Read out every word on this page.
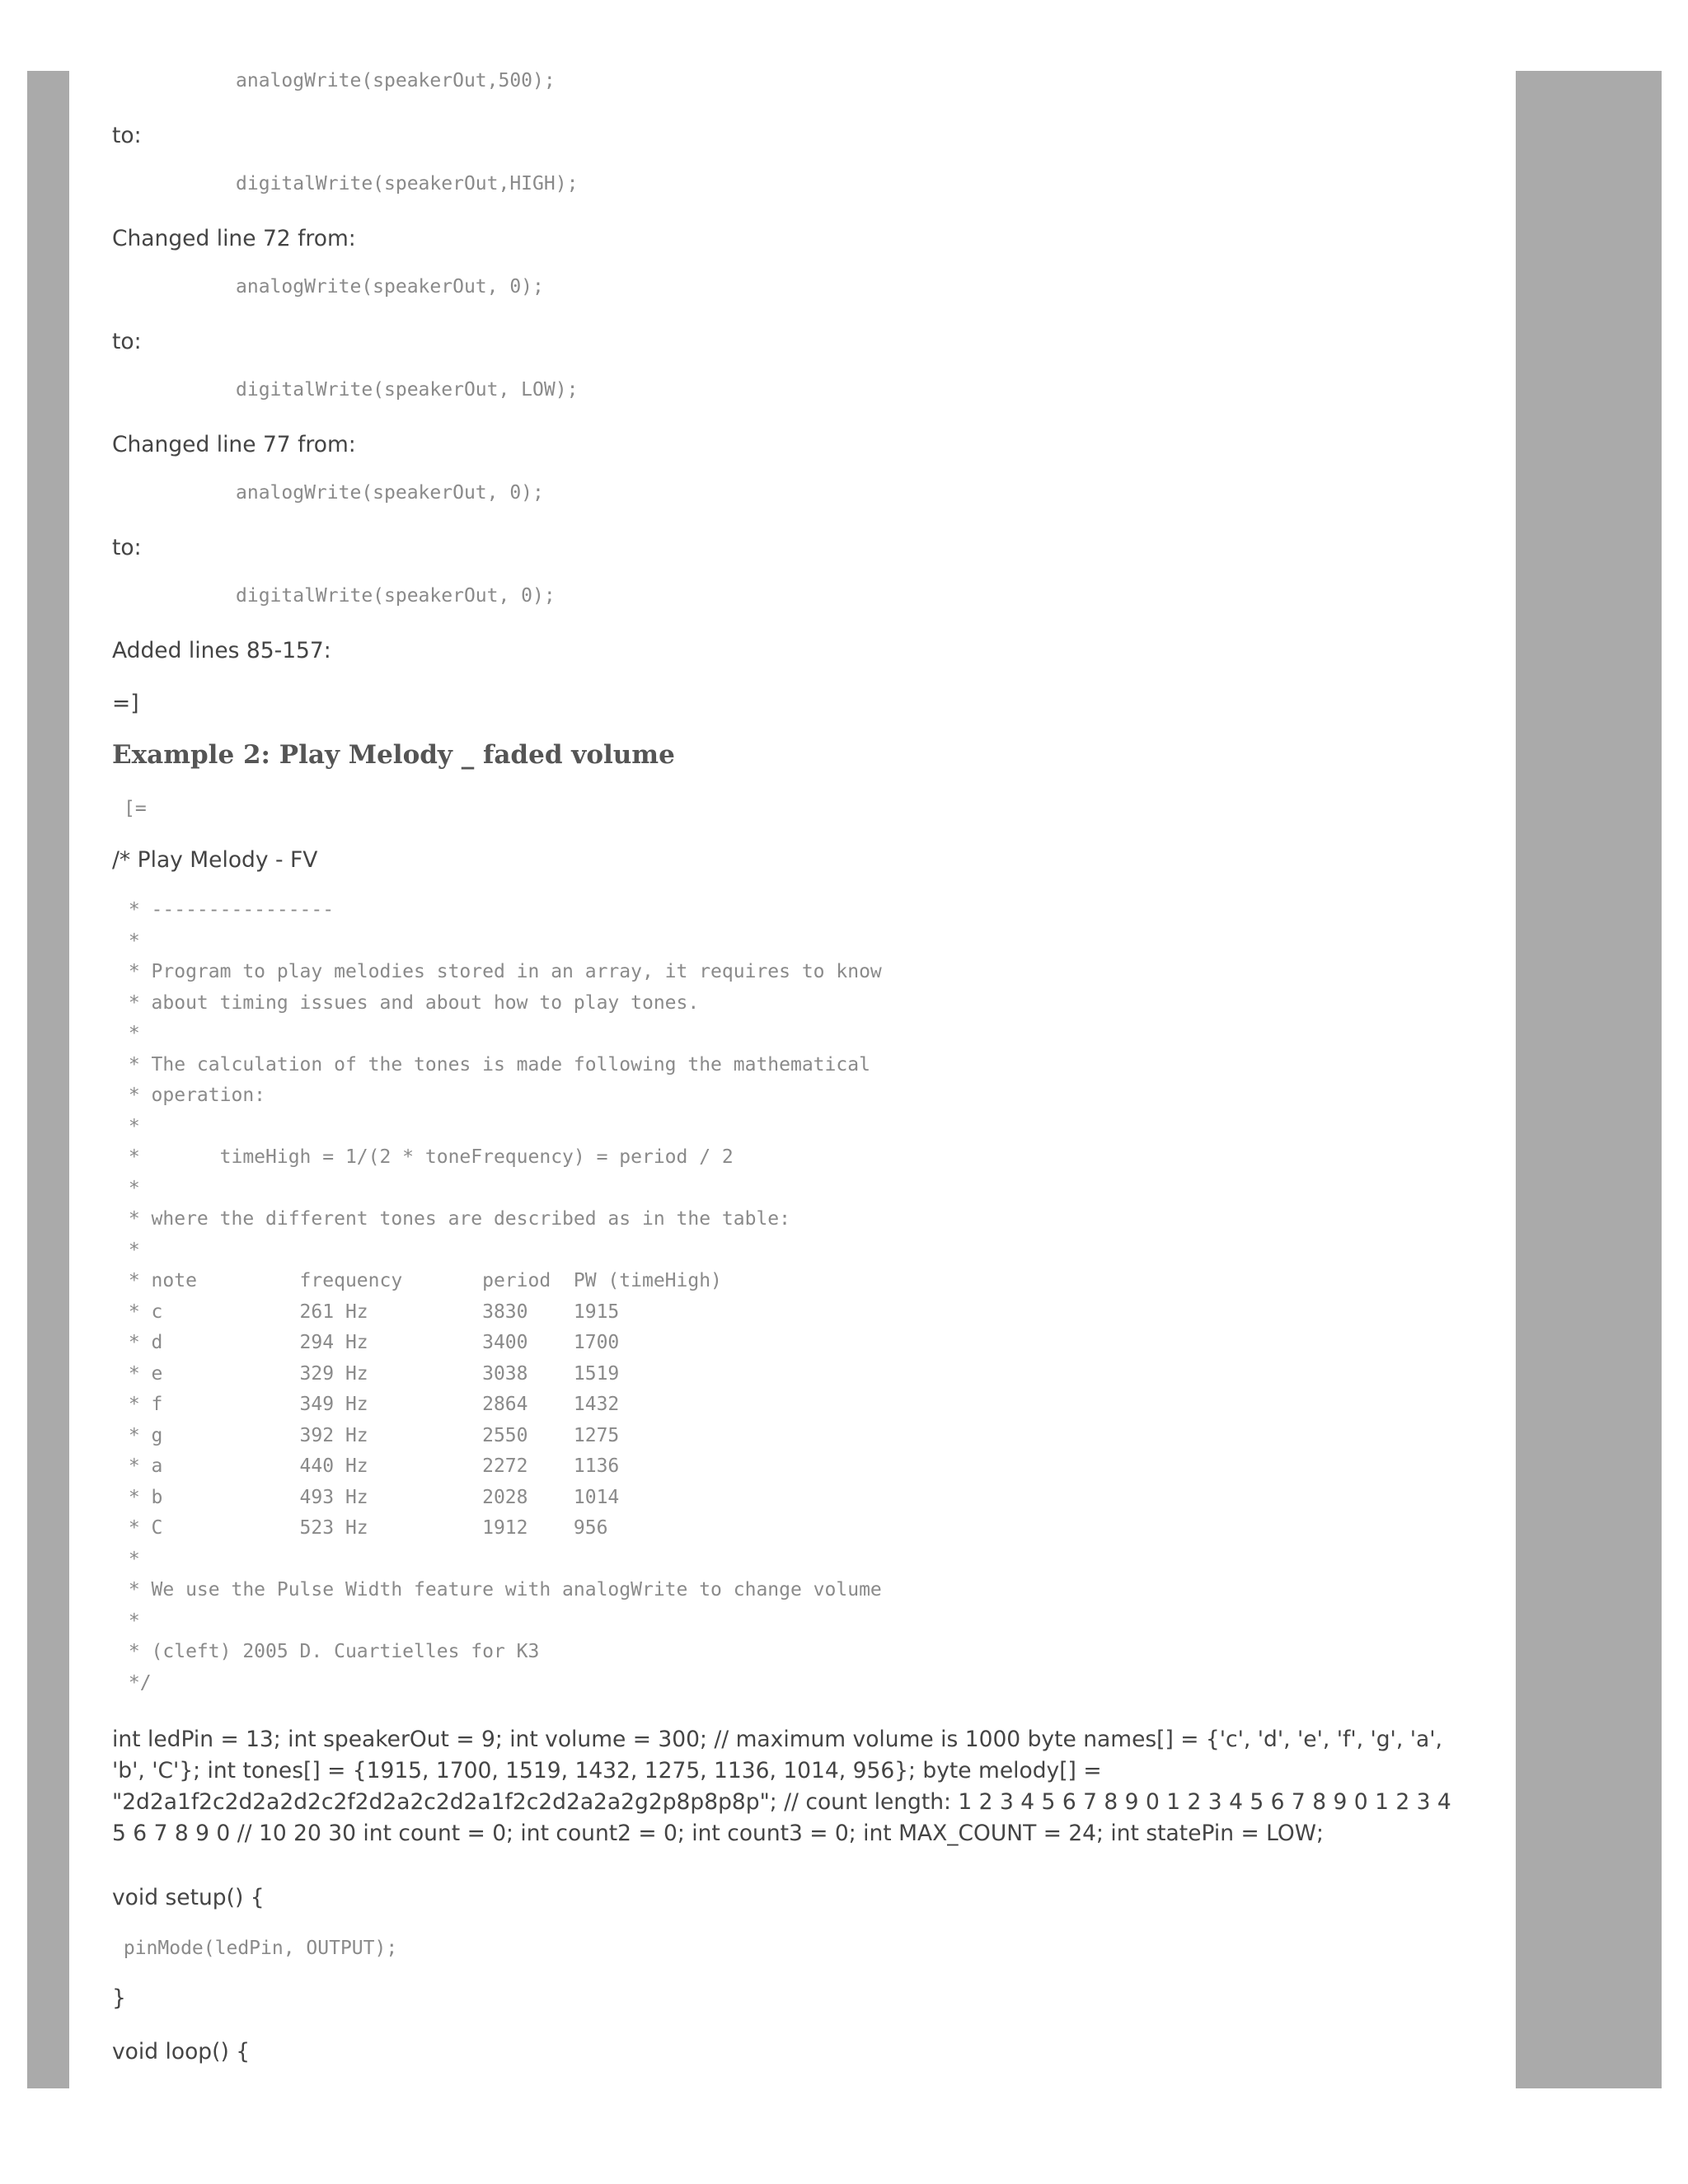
analogWrite(speakerOut,500);

to:

digitalWrite(speakerOut,HIGH);

Changed line 72 from:

analogWrite(speakerOut, 0);

to:

digitalWrite(speakerOut, LOW);

Changed line 77 from:

analogWrite(speakerOut, 0);

to:

digitalWrite(speakerOut, 0);

Added lines 85-157:

=]

Example 2: Play Melody _ faded volume
[=

/* Play Melody - FV

* ----------------
*
* Program to play melodies stored in an array, it requires to know
* about timing issues and about how to play tones.
*
* The calculation of the tones is made following the mathematical
* operation:
*
*       timeHigh = 1/(2 * toneFrequency) = period / 2
*
* where the different tones are described as in the table:
*
* note         frequency       period  PW (timeHigh)
* c            261 Hz          3830    1915
* d            294 Hz          3400    1700
* e            329 Hz          3038    1519
* f            349 Hz          2864    1432
* g            392 Hz          2550    1275
* a            440 Hz          2272    1136
* b            493 Hz          2028    1014
* C            523 Hz          1912    956
*
* We use the Pulse Width feature with analogWrite to change volume
*
* (cleft) 2005 D. Cuartielles for K3
*/

int ledPin = 13; int speakerOut = 9; int volume = 300; // maximum volume is 1000 byte names[] = {'c', 'd', 'e', 'f', 'g', 'a', 'b', 'C'}; int tones[] = {1915, 1700, 1519, 1432, 1275, 1136, 1014, 956}; byte melody[] = "2d2a1f2c2d2a2d2c2f2d2a2c2d2a1f2c2d2a2a2g2p8p8p8p"; // count length: 1 2 3 4 5 6 7 8 9 0 1 2 3 4 5 6 7 8 9 0 1 2 3 4 5 6 7 8 9 0 // 10 20 30 int count = 0; int count2 = 0; int count3 = 0; int MAX_COUNT = 24; int statePin = LOW;

void setup() {

pinMode(ledPin, OUTPUT);

}

void loop() {
